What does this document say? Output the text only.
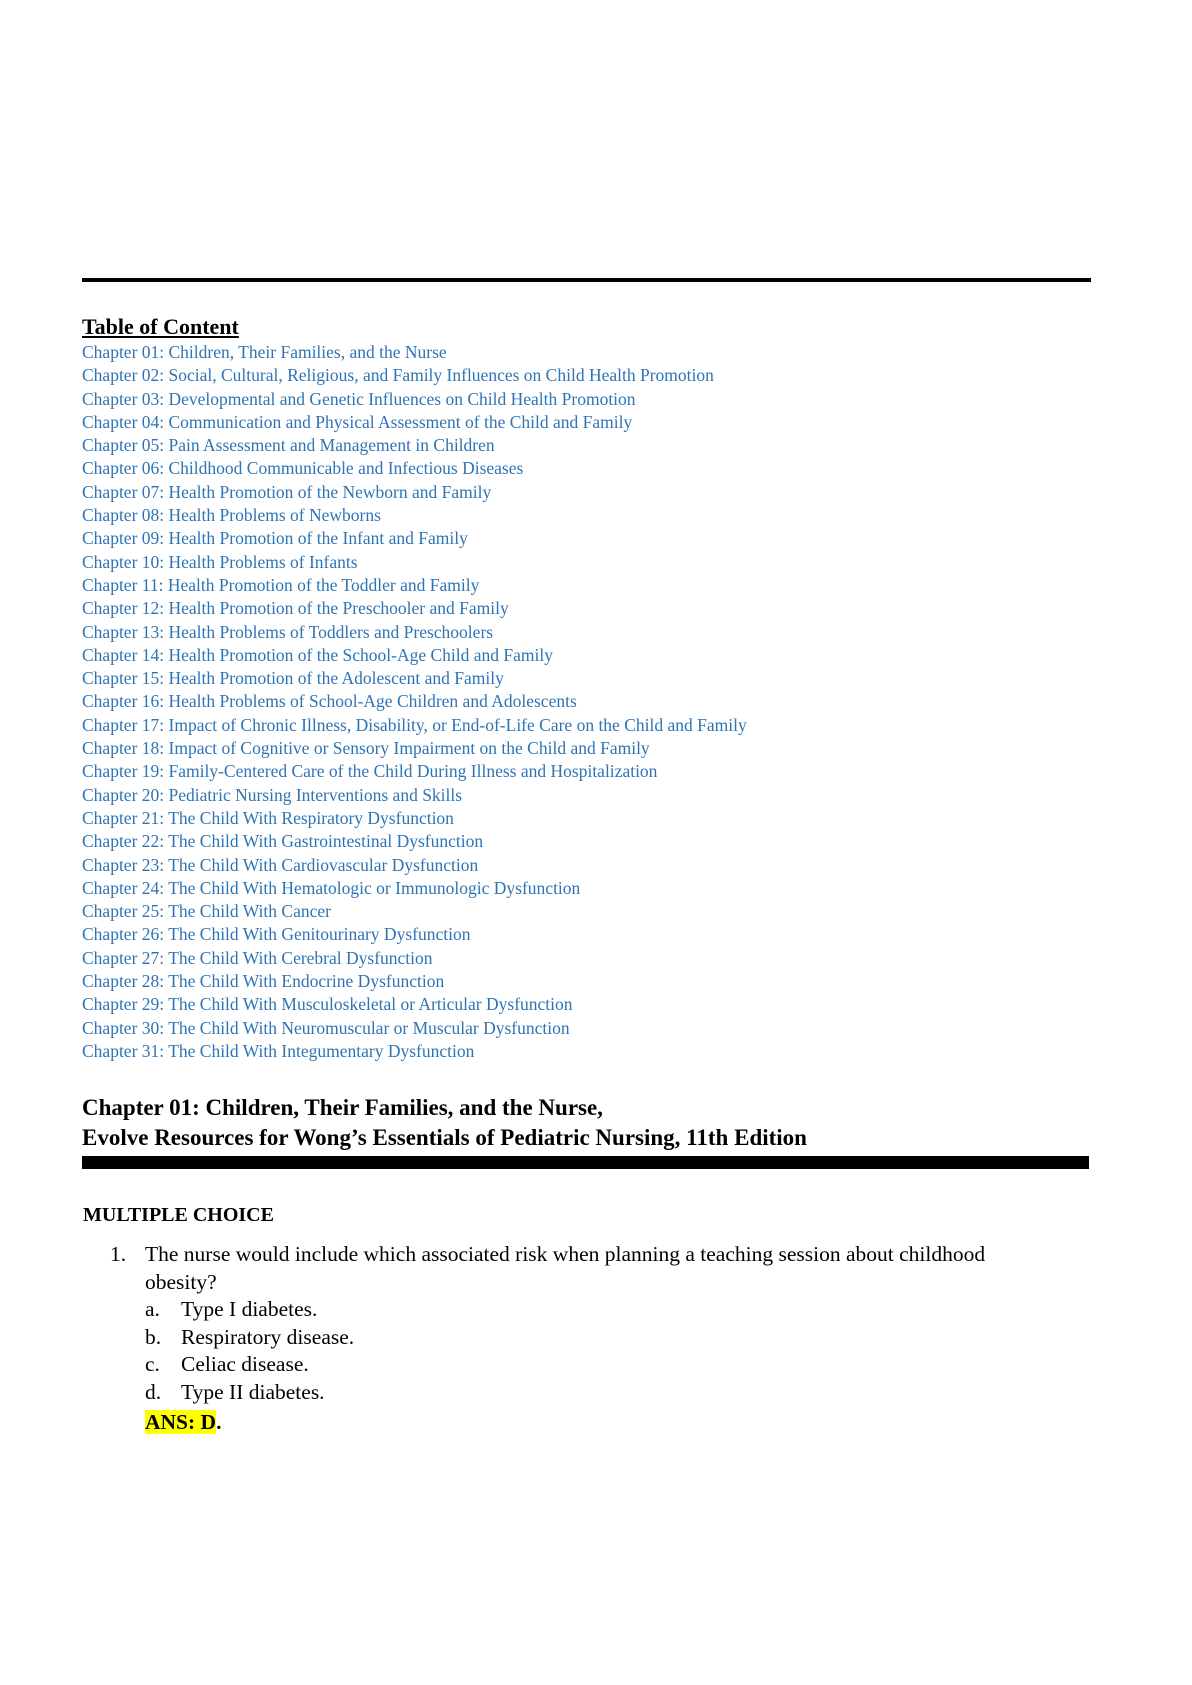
Table of Content
Chapter 01: Children, Their Families, and the Nurse
Chapter 02: Social, Cultural, Religious, and Family Influences on Child Health Promotion
Chapter 03: Developmental and Genetic Influences on Child Health Promotion
Chapter 04: Communication and Physical Assessment of the Child and Family
Chapter 05: Pain Assessment and Management in Children
Chapter 06: Childhood Communicable and Infectious Diseases
Chapter 07: Health Promotion of the Newborn and Family
Chapter 08: Health Problems of Newborns
Chapter 09: Health Promotion of the Infant and Family
Chapter 10: Health Problems of Infants
Chapter 11: Health Promotion of the Toddler and Family
Chapter 12: Health Promotion of the Preschooler and Family
Chapter 13: Health Problems of Toddlers and Preschoolers
Chapter 14: Health Promotion of the School-Age Child and Family
Chapter 15: Health Promotion of the Adolescent and Family
Chapter 16: Health Problems of School-Age Children and Adolescents
Chapter 17: Impact of Chronic Illness, Disability, or End-of-Life Care on the Child and Family
Chapter 18: Impact of Cognitive or Sensory Impairment on the Child and Family
Chapter 19: Family-Centered Care of the Child During Illness and Hospitalization
Chapter 20: Pediatric Nursing Interventions and Skills
Chapter 21: The Child With Respiratory Dysfunction
Chapter 22: The Child With Gastrointestinal Dysfunction
Chapter 23: The Child With Cardiovascular Dysfunction
Chapter 24: The Child With Hematologic or Immunologic Dysfunction
Chapter 25: The Child With Cancer
Chapter 26: The Child With Genitourinary Dysfunction
Chapter 27: The Child With Cerebral Dysfunction
Chapter 28: The Child With Endocrine Dysfunction
Chapter 29: The Child With Musculoskeletal or Articular Dysfunction
Chapter 30: The Child With Neuromuscular or Muscular Dysfunction
Chapter 31: The Child With Integumentary Dysfunction
Chapter 01: Children, Their Families, and the Nurse,
Evolve Resources for Wong’s Essentials of Pediatric Nursing, 11th Edition
MULTIPLE CHOICE
1. The nurse would include which associated risk when planning a teaching session about childhood obesity?
a. Type I diabetes.
b. Respiratory disease.
c. Celiac disease.
d. Type II diabetes.
ANS: D.
